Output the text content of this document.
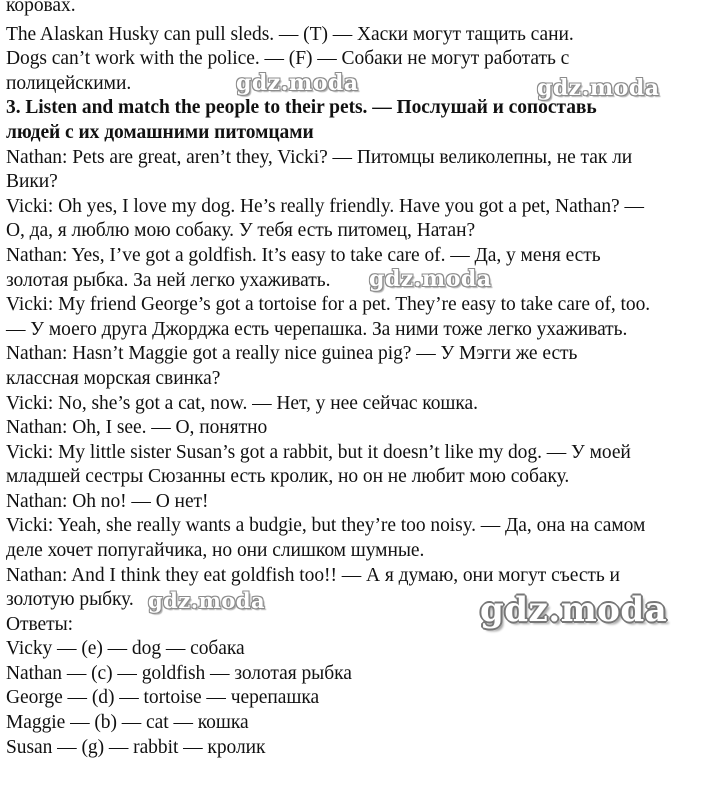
коровах.
The Alaskan Husky can pull sleds. — (T) — Хаски могут тащить сани.
Dogs can’t work with the police. — (F) — Собаки не могут работать с
полицейскими.
3. Listen and match the people to their pets. — Послушай и сопоставь
людей с их домашними питомцами
Nathan: Pets are great, aren’t they, Vicki? — Питомцы великолепны, не так ли
Вики?
Vicki: Oh yes, I love my dog. He’s really friendly. Have you got a pet, Nathan? —
О, да, я люблю мою собаку. У тебя есть питомец, Натан?
Nathan: Yes, I’ve got a goldfish. It’s easy to take care of. — Да, у меня есть
золотая рыбка. За ней легко ухаживать.
Vicki: My friend George’s got a tortoise for a pet. They’re easy to take care of, too.
— У моего друга Джорджа есть черепашка. За ними тоже легко ухаживать.
Nathan: Hasn’t Maggie got a really nice guinea pig? — У Мэгги же есть
классная морская свинка?
Vicki: No, she’s got a cat, now. — Нет, у нее сейчас кошка.
Nathan: Oh, I see. — О, понятно
Vicki: My little sister Susan’s got a rabbit, but it doesn’t like my dog. — У моей
младшей сестры Сюзанны есть кролик, но он не любит мою собаку.
Nathan: Oh no! — О нет!
Vicki: Yeah, she really wants a budgie, but they’re too noisy. — Да, она на самом
деле хочет попугайчика, но они слишком шумные.
Nathan: And I think they eat goldfish too!! — А я думаю, они могут съесть и
золотую рыбку.
Ответы:
Vicky — (e) — dog — собака
Nathan — (c) — goldfish — золотая рыбка
George — (d) — tortoise — черепашка
Maggie — (b) — cat — кошка
Susan — (g) — rabbit — кролик
gdz.moda	gdz.moda
gdz.moda
gdz.moda	gdz.moda
